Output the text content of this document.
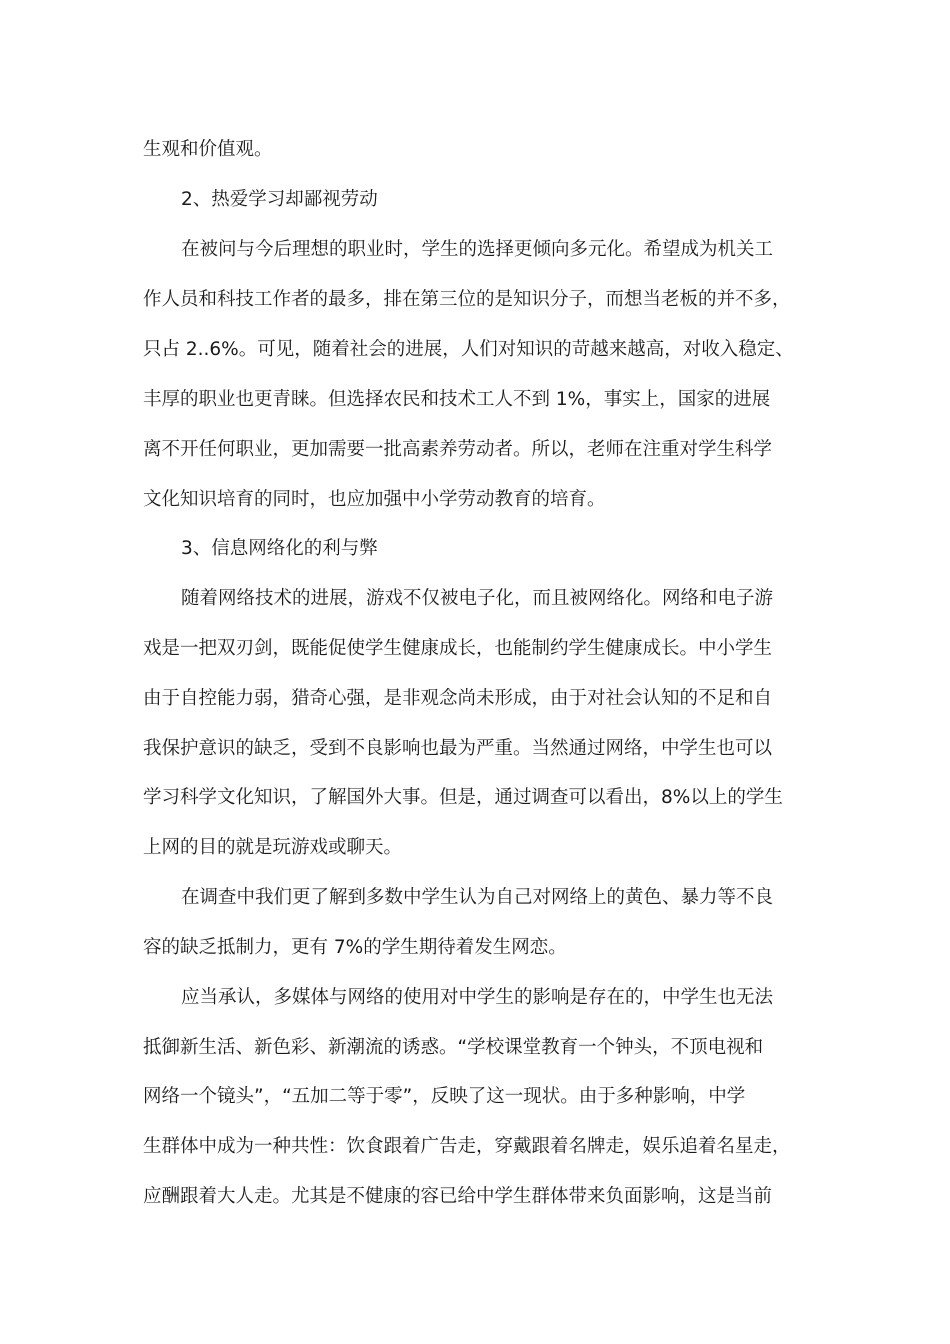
生观和价值观。
2、热爱学习却鄙视劳动
在被问与今后理想的职业时，学生的选择更倾向多元化。希望成为机关工
作人员和科技工作者的最多，排在第三位的是知识分子，而想当老板的并不多，
只占 2..6%。可见，随着社会的进展，人们对知识的苛越来越高，对收入稳定、
丰厚的职业也更青睐。但选择农民和技术工人不到 1%，事实上，国家的进展
离不开任何职业，更加需要一批高素养劳动者。所以，老师在注重对学生科学
文化知识培育的同时，也应加强中小学劳动教育的培育。
3、信息网络化的利与弊
随着网络技术的进展，游戏不仅被电子化，而且被网络化。网络和电子游
戏是一把双刃剑，既能促使学生健康成长，也能制约学生健康成长。中小学生
由于自控能力弱，猎奇心强，是非观念尚未形成，由于对社会认知的不足和自
我保护意识的缺乏，受到不良影响也最为严重。当然通过网络，中学生也可以
学习科学文化知识，了解国外大事。但是，通过调查可以看出，8%以上的学生
上网的目的就是玩游戏或聊天。
在调查中我们更了解到多数中学生认为自己对网络上的黄色、暴力等不良
容的缺乏抵制力，更有 7%的学生期待着发生网恋。
应当承认，多媒体与网络的使用对中学生的影响是存在的，中学生也无法
抵御新生活、新色彩、新潮流的诱惑。“学校课堂教育一个钟头，不顶电视和
网络一个镜头”，“五加二等于零”，反映了这一现状。由于多种影响，中学
生群体中成为一种共性：饮食跟着广告走，穿戴跟着名牌走，娱乐追着名星走，
应酬跟着大人走。尤其是不健康的容已给中学生群体带来负面影响，这是当前
